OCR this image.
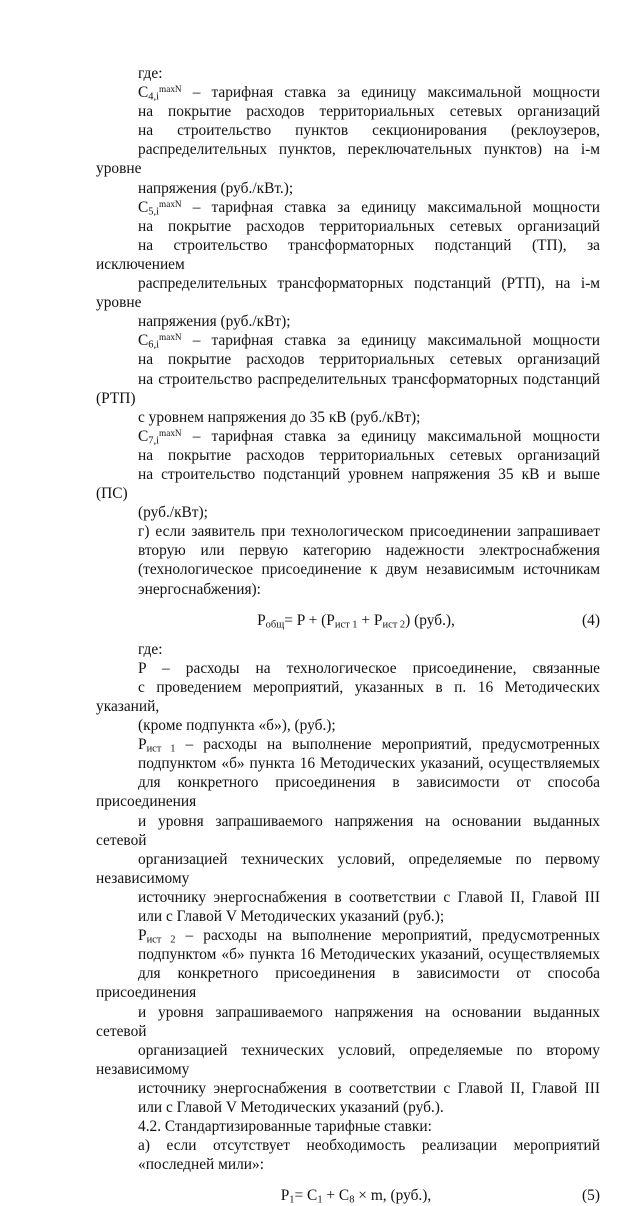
где:

$C_{4,i}^{maxN}$ – тарифная ставка за единицу максимальной мощности
на покрытие расходов территориальных сетевых организаций
на строительство пунктов секционирования (реклоузеров,
распределительных пунктов, переключательных пунктов) на i-м уровне
напряжения (руб./кВт.);

$C_{5,i}^{maxN}$ – тарифная ставка за единицу максимальной мощности
на покрытие расходов территориальных сетевых организаций
на строительство трансформаторных подстанций (ТП), за исключением
распределительных трансформаторных подстанций (РТП), на i-м уровне
напряжения (руб./кВт);

$C_{6,i}^{maxN}$ – тарифная ставка за единицу максимальной мощности
на покрытие расходов территориальных сетевых организаций
на строительство распределительных трансформаторных подстанций (РТП)
с уровнем напряжения до 35 кВ (руб./кВт);

$C_{7,i}^{maxN}$ – тарифная ставка за единицу максимальной мощности
на покрытие расходов территориальных сетевых организаций
на строительство подстанций уровнем напряжения 35 кВ и выше (ПС)
(руб./кВт);

г) если заявитель при технологическом присоединении запрашивает
вторую или первую категорию надежности электроснабжения
(технологическое присоединение к двум независимым источникам
энергоснабжения):

$P_{общ}= P + (P_{ист 1} + P_{ист 2})$ (руб.),	(4)

где:

P – расходы на технологическое присоединение, связанные
с проведением мероприятий, указанных в п. 16 Методических указаний,
(кроме подпункта «б»), (руб.);

$P_{ист 1}$ – расходы на выполнение мероприятий, предусмотренных
подпунктом «б» пункта 16 Методических указаний, осуществляемых
для конкретного присоединения в зависимости от способа присоединения
и уровня запрашиваемого напряжения на основании выданных сетевой
организацией технических условий, определяемые по первому независимому
источнику энергоснабжения в соответствии с Главой II, Главой III
или с Главой V Методических указаний (руб.);

$P_{ист 2}$ – расходы на выполнение мероприятий, предусмотренных
подпунктом «б» пункта 16 Методических указаний, осуществляемых
для конкретного присоединения в зависимости от способа присоединения
и уровня запрашиваемого напряжения на основании выданных сетевой
организацией технических условий, определяемые по второму независимому
источнику энергоснабжения в соответствии с Главой II, Главой III
или с Главой V Методических указаний (руб.).

4.2. Стандартизированные тарифные ставки:

а) если отсутствует необходимость реализации мероприятий
«последней мили»:

$P_1= C_1 + C_8 \times m$, (руб.),	(5)
